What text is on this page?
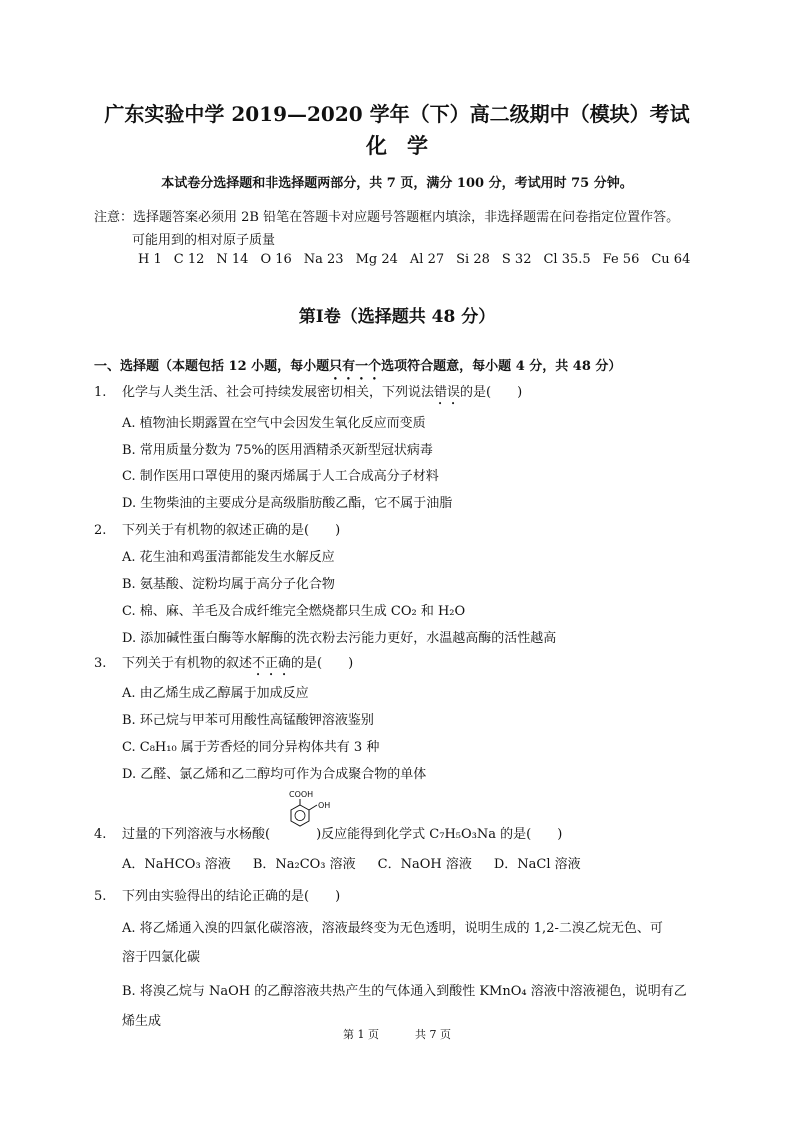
广东实验中学 2019—2020 学年（下）高二级期中（模块）考试
化学
本试卷分选择题和非选择题两部分，共 7 页，满分 100 分，考试用时 75 分钟。
注意：选择题答案必须用 2B 铅笔在答题卡对应题号答题框内填涂，非选择题需在问卷指定位置作答。
可能用到的相对原子质量
H 1 C 12 N 14 O 16 Na 23 Mg 24 Al 27 Si 28 S 32 Cl 35.5 Fe 56 Cu 64
第Ⅰ卷（选择题共 48 分）
一、选择题（本题包括 12 小题，每小题只有一个选项符合题意，每小题 4 分，共 48 分）
1. 化学与人类生活、社会可持续发展密切相关，下列说法错误的是(　　)
A. 植物油长期露置在空气中会因发生氧化反应而变质
B. 常用质量分数为 75%的医用酒精杀灭新型冠状病毒
C. 制作医用口罩使用的聚丙烯属于人工合成高分子材料
D. 生物柴油的主要成分是高级脂肪酸乙酯，它不属于油脂
2. 下列关于有机物的叙述正确的是(　　)
A. 花生油和鸡蛋清都能发生水解反应
B. 氨基酸、淀粉均属于高分子化合物
C. 棉、麻、羊毛及合成纤维完全燃烧都只生成 CO₂ 和 H₂O
D. 添加碱性蛋白酶等水解酶的洗衣粉去污能力更好，水温越高酶的活性越高
3. 下列关于有机物的叙述不正确的是(　　)
A. 由乙烯生成乙醇属于加成反应
B. 环己烷与甲苯可用酸性高锰酸钾溶液鉴别
C. C₈H₁₀ 属于芳香烃的同分异构体共有 3 种
D. 乙醛、氯乙烯和乙二醇均可作为合成聚合物的单体
COOH
OH
4. 过量的下列溶液与水杨酸(	)反应能得到化学式 C₇H₅O₃Na 的是(　　)
A．NaHCO₃ 溶液 B．Na₂CO₃ 溶液 C．NaOH 溶液 D．NaCl 溶液
5. 下列由实验得出的结论正确的是(　　)
A. 将乙烯通入溴的四氯化碳溶液，溶液最终变为无色透明，说明生成的 1,2-二溴乙烷无色、可
溶于四氯化碳
B. 将溴乙烷与 NaOH 的乙醇溶液共热产生的气体通入到酸性 KMnO₄ 溶液中溶液褪色，说明有乙
烯生成
第 1 页	共 7 页
